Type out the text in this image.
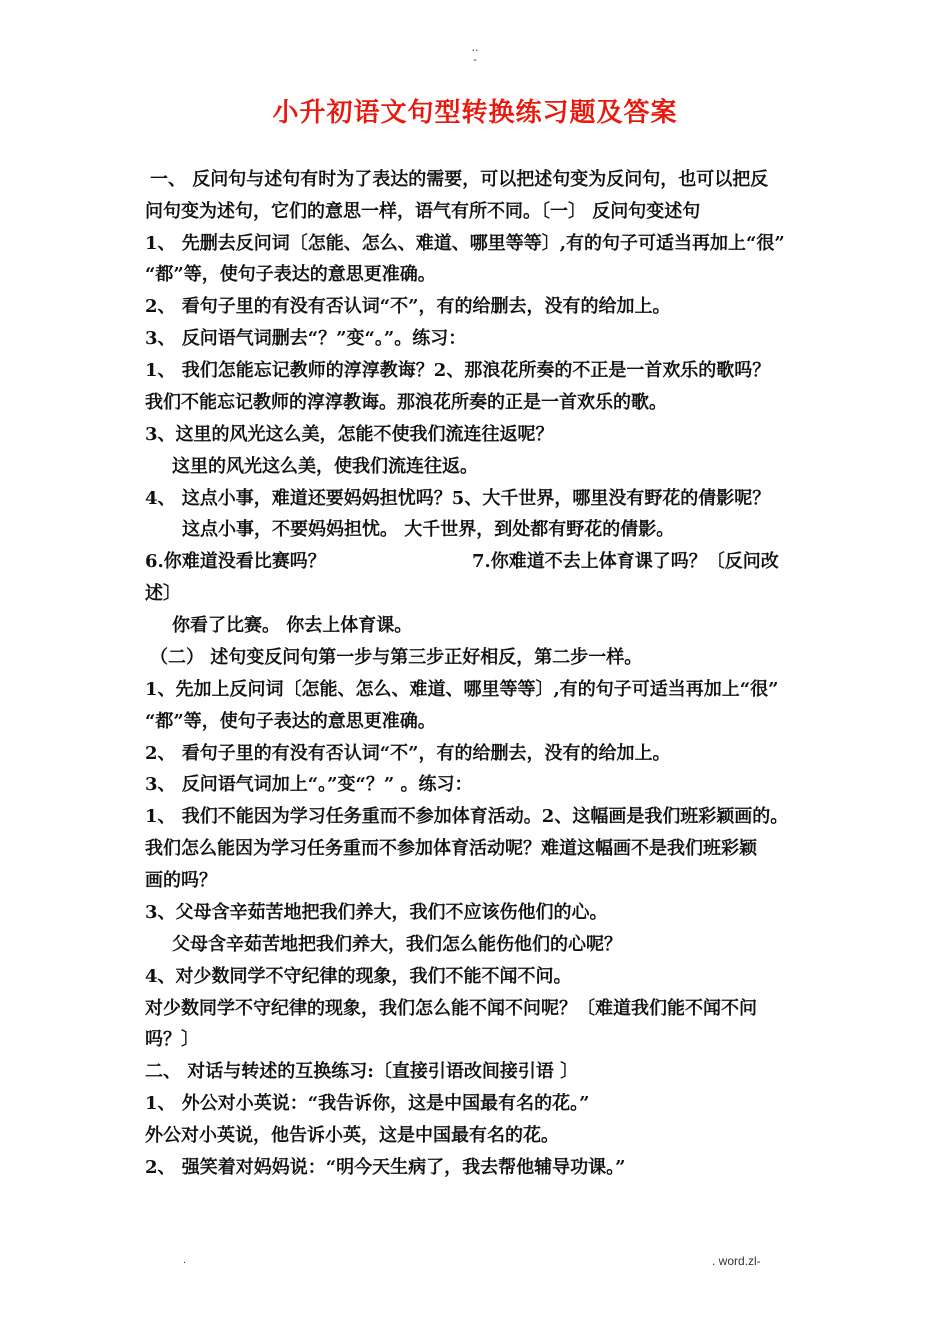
..
-
小升初语文句型转换练习题及答案
一、 反问句与述句有时为了表达的需要，可以把述句变为反问句，也可以把反
问句变为述句，它们的意思一样，语气有所不同。〔一〕 反问句变述句
1、 先删去反问词〔怎能、怎么、难道、哪里等等〕,有的句子可适当再加上“很”
“都”等，使句子表达的意思更准确。
2、 看句子里的有没有否认词“不”，有的给删去，没有的给加上。
3、 反问语气词删去“？”变“。”。练习：
1、 我们怎能忘记教师的淳淳教诲？2、那浪花所奏的不正是一首欢乐的歌吗？
我们不能忘记教师的淳淳教诲。那浪花所奏的正是一首欢乐的歌。
3、这里的风光这么美，怎能不使我们流连往返呢？
这里的风光这么美，使我们流连往返。
4、 这点小事，难道还要妈妈担忧吗？5、大千世界，哪里没有野花的倩影呢？
这点小事，不要妈妈担忧。 大千世界，到处都有野花的倩影。
6.你难道没看比赛吗？	7.你难道不去上体育课了吗？〔反问改
述〕
你看了比赛。 你去上体育课。
（二） 述句变反问句第一步与第三步正好相反，第二步一样。
1、先加上反问词〔怎能、怎么、难道、哪里等等〕,有的句子可适当再加上“很”
“都”等，使句子表达的意思更准确。
2、 看句子里的有没有否认词“不”，有的给删去，没有的给加上。
3、 反问语气词加上“。”变“？” 。练习：
1、 我们不能因为学习任务重而不参加体育活动。2、这幅画是我们班彩颖画的。
我们怎么能因为学习任务重而不参加体育活动呢？难道这幅画不是我们班彩颖
画的吗？
3、父母含辛茹苦地把我们养大，我们不应该伤他们的心。
父母含辛茹苦地把我们养大，我们怎么能伤他们的心呢？
4、对少数同学不守纪律的现象，我们不能不闻不问。
对少数同学不守纪律的现象，我们怎么能不闻不问呢？〔难道我们能不闻不问
吗？〕
二、 对话与转述的互换练习:〔直接引语改间接引语 〕
1、 外公对小英说：“我告诉你，这是中国最有名的花。”
外公对小英说，他告诉小英，这是中国最有名的花。
2、 强笑着对妈妈说：“明今天生病了，我去帮他辅导功课。”
.	. word.zl-
